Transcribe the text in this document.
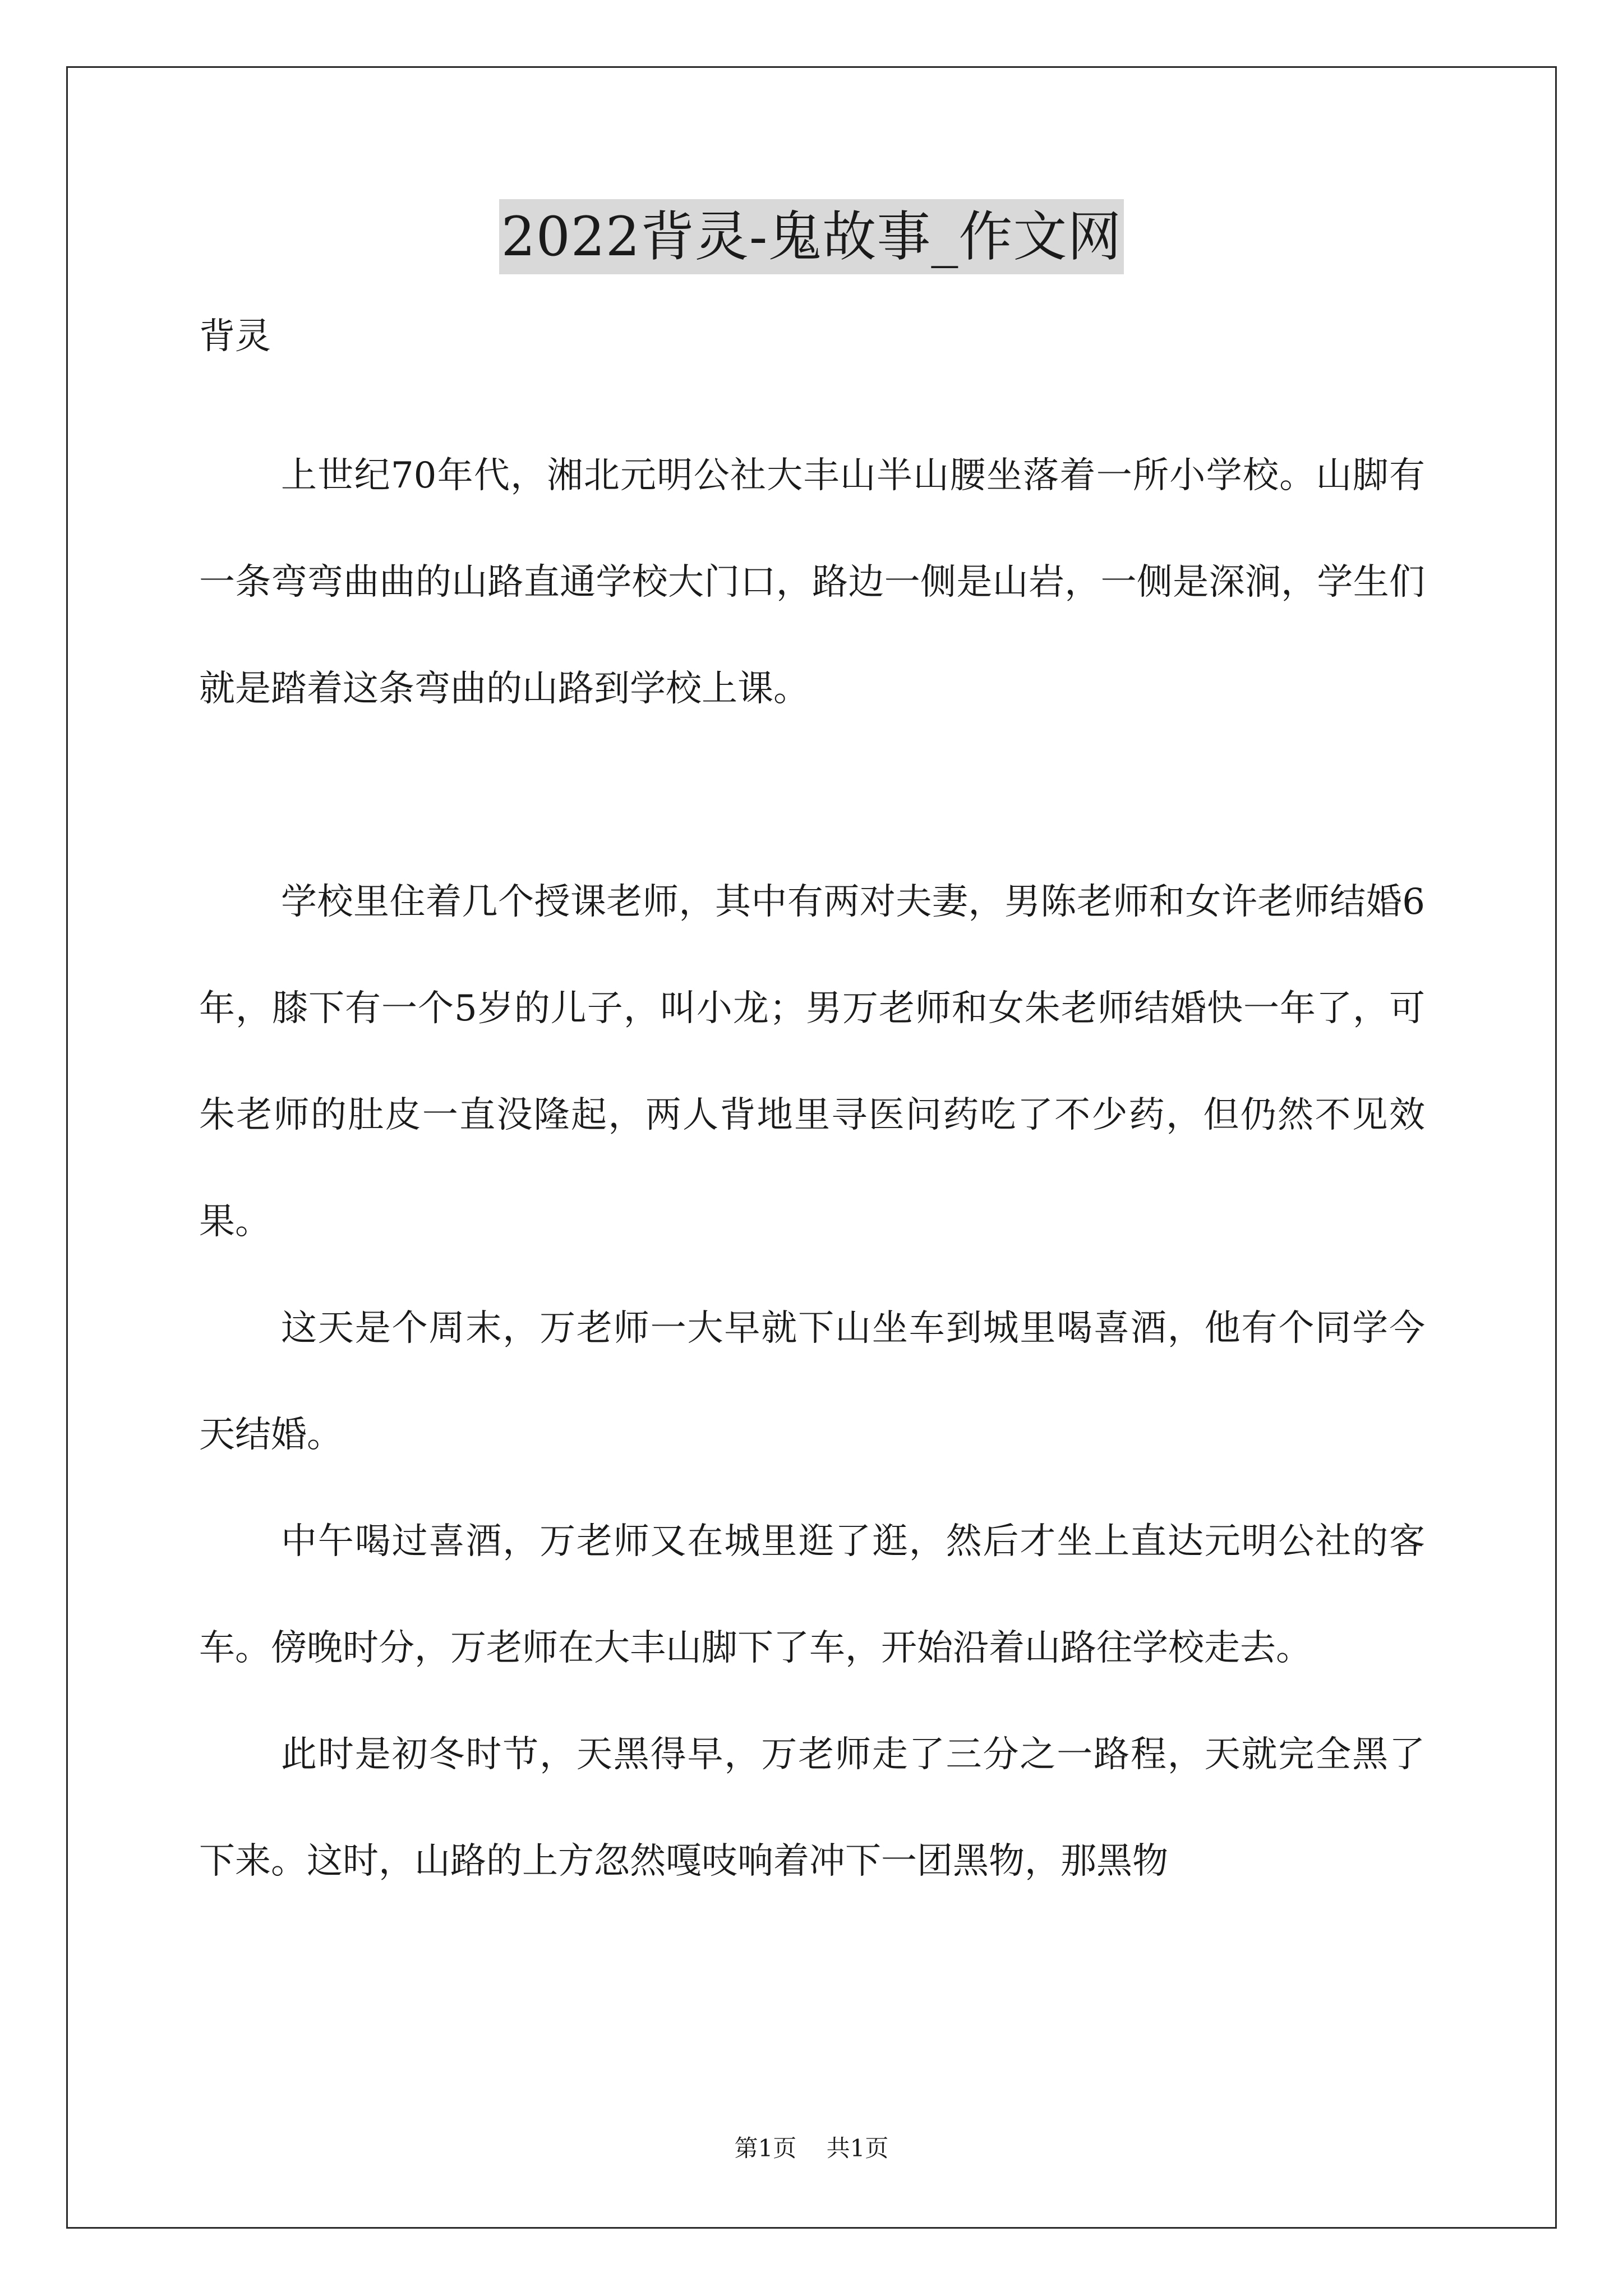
2022背灵-鬼故事_作文网

背灵

上世纪70年代，湘北元明公社大丰山半山腰坐落着一所小学校。山脚有一条弯弯曲曲的山路直通学校大门口，路边一侧是山岩，一侧是深涧，学生们就是踏着这条弯曲的山路到学校上课。

学校里住着几个授课老师，其中有两对夫妻，男陈老师和女许老师结婚6年，膝下有一个5岁的儿子，叫小龙；男万老师和女朱老师结婚快一年了，可朱老师的肚皮一直没隆起，两人背地里寻医问药吃了不少药，但仍然不见效果。

这天是个周末，万老师一大早就下山坐车到城里喝喜酒，他有个同学今天结婚。

中午喝过喜酒，万老师又在城里逛了逛，然后才坐上直达元明公社的客车。傍晚时分，万老师在大丰山脚下了车，开始沿着山路往学校走去。

此时是初冬时节，天黑得早，万老师走了三分之一路程，天就完全黑了下来。这时，山路的上方忽然嘎吱响着冲下一团黑物，那黑物

第1页 共1页
